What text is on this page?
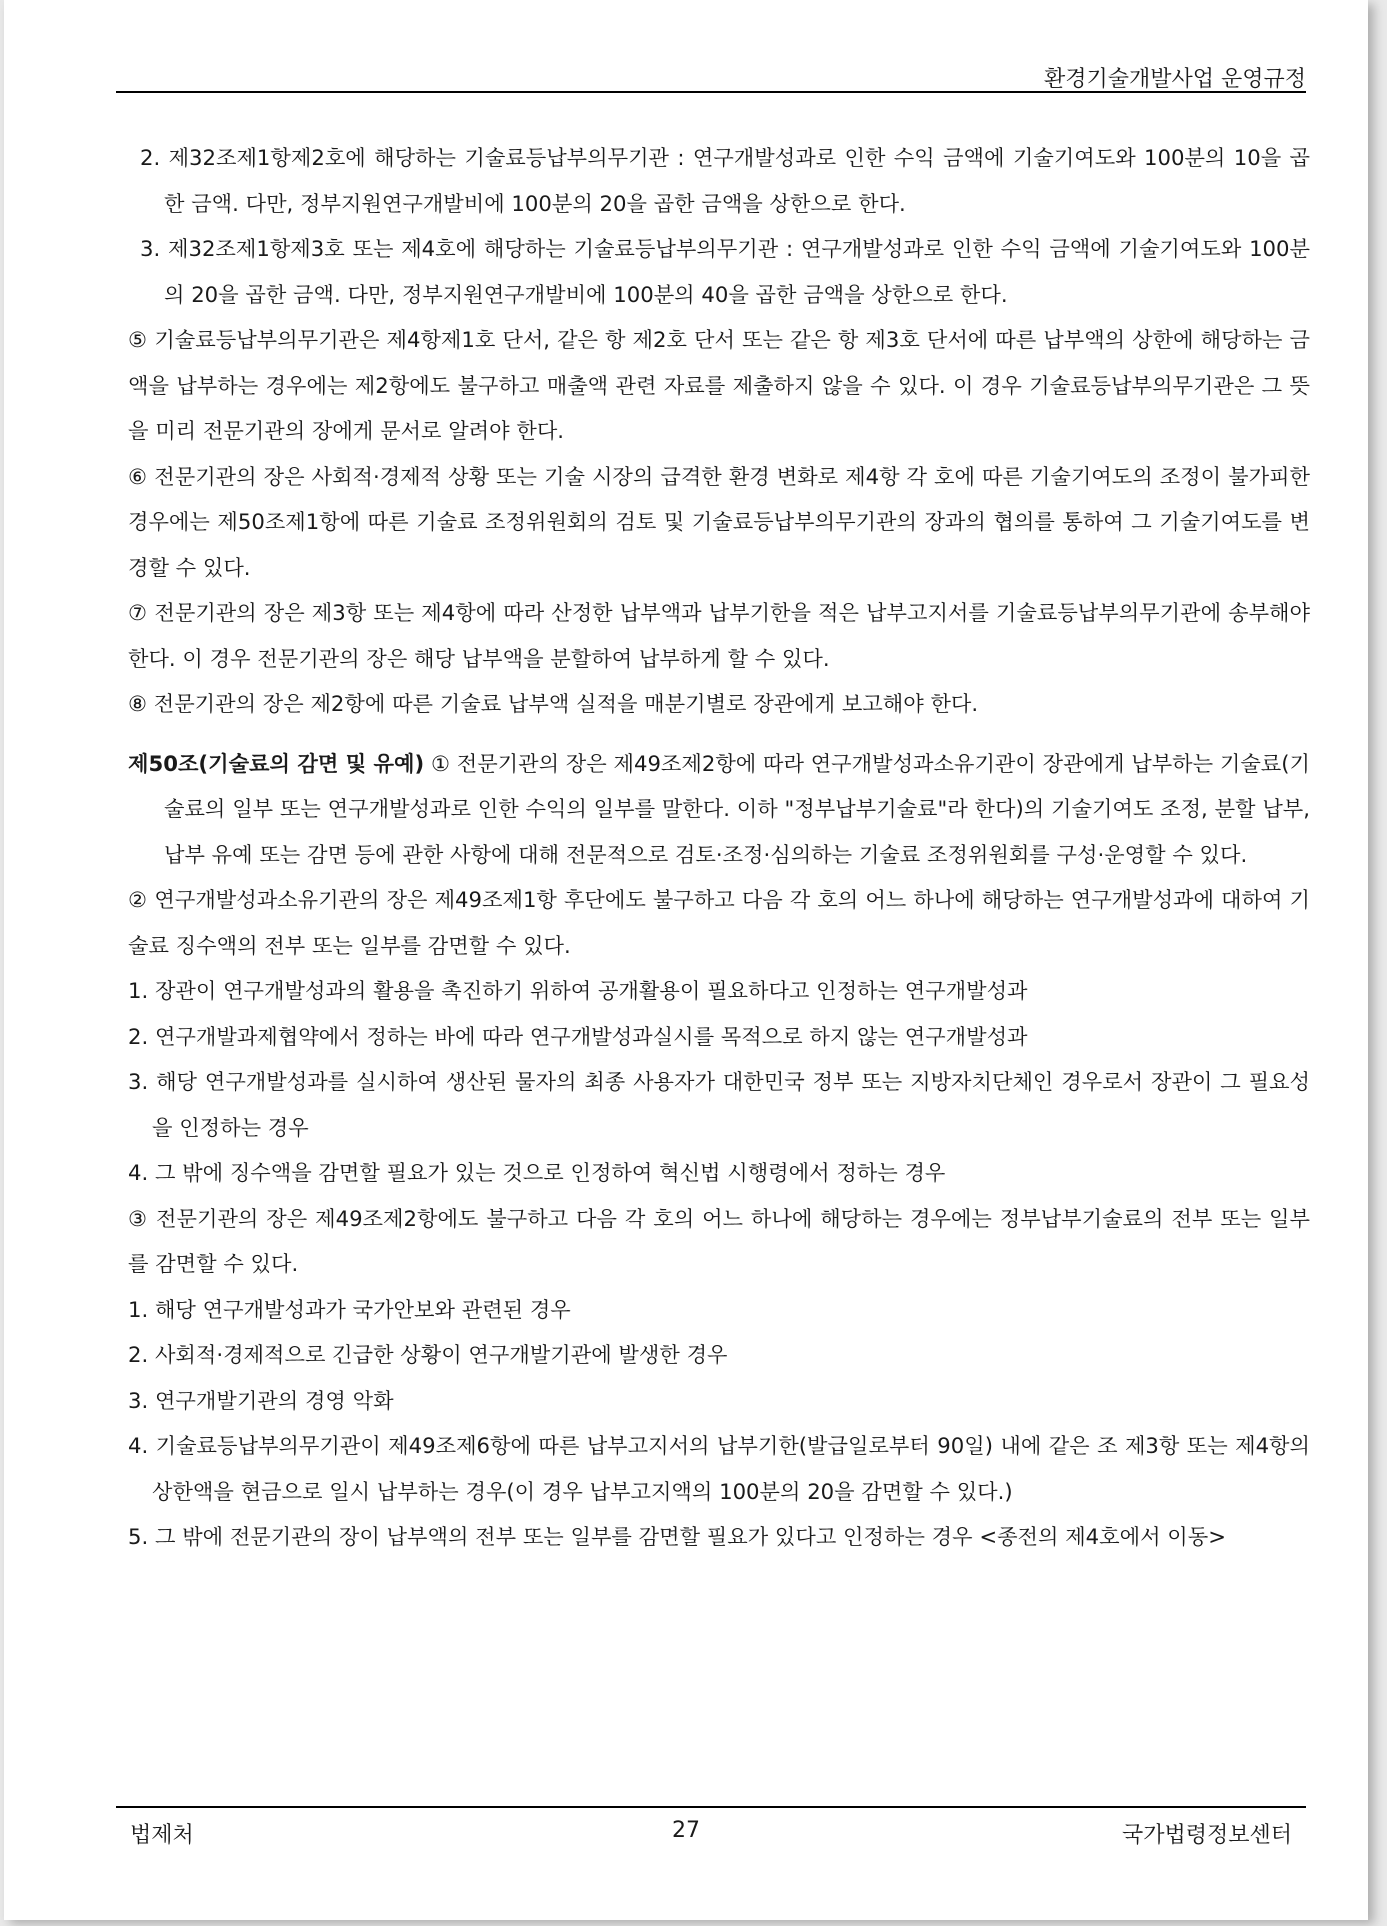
환경기술개발사업 운영규정

2. 제32조제1항제2호에 해당하는 기술료등납부의무기관 : 연구개발성과로 인한 수익 금액에 기술기여도와 100분의 10을 곱한 금액. 다만, 정부지원연구개발비에 100분의 20을 곱한 금액을 상한으로 한다.

3. 제32조제1항제3호 또는 제4호에 해당하는 기술료등납부의무기관 : 연구개발성과로 인한 수익 금액에 기술기여도와 100분의 20을 곱한 금액. 다만, 정부지원연구개발비에 100분의 40을 곱한 금액을 상한으로 한다.

⑤ 기술료등납부의무기관은 제4항제1호 단서, 같은 항 제2호 단서 또는 같은 항 제3호 단서에 따른 납부액의 상한에 해당하는 금액을 납부하는 경우에는 제2항에도 불구하고 매출액 관련 자료를 제출하지 않을 수 있다. 이 경우 기술료등납부의무기관은 그 뜻을 미리 전문기관의 장에게 문서로 알려야 한다.

⑥ 전문기관의 장은 사회적·경제적 상황 또는 기술 시장의 급격한 환경 변화로 제4항 각 호에 따른 기술기여도의 조정이 불가피한 경우에는 제50조제1항에 따른 기술료 조정위원회의 검토 및 기술료등납부의무기관의 장과의 협의를 통하여 그 기술기여도를 변경할 수 있다.

⑦ 전문기관의 장은 제3항 또는 제4항에 따라 산정한 납부액과 납부기한을 적은 납부고지서를 기술료등납부의무기관에 송부해야 한다. 이 경우 전문기관의 장은 해당 납부액을 분할하여 납부하게 할 수 있다.

⑧ 전문기관의 장은 제2항에 따른 기술료 납부액 실적을 매분기별로 장관에게 보고해야 한다.

제50조(기술료의 감면 및 유예) ① 전문기관의 장은 제49조제2항에 따라 연구개발성과소유기관이 장관에게 납부하는 기술료(기술료의 일부 또는 연구개발성과로 인한 수익의 일부를 말한다. 이하 "정부납부기술료"라 한다)의 기술기여도 조정, 분할 납부, 납부 유예 또는 감면 등에 관한 사항에 대해 전문적으로 검토·조정·심의하는 기술료 조정위원회를 구성·운영할 수 있다.

② 연구개발성과소유기관의 장은 제49조제1항 후단에도 불구하고 다음 각 호의 어느 하나에 해당하는 연구개발성과에 대하여 기술료 징수액의 전부 또는 일부를 감면할 수 있다.

1. 장관이 연구개발성과의 활용을 촉진하기 위하여 공개활용이 필요하다고 인정하는 연구개발성과

2. 연구개발과제협약에서 정하는 바에 따라 연구개발성과실시를 목적으로 하지 않는 연구개발성과

3. 해당 연구개발성과를 실시하여 생산된 물자의 최종 사용자가 대한민국 정부 또는 지방자치단체인 경우로서 장관이 그 필요성을 인정하는 경우

4. 그 밖에 징수액을 감면할 필요가 있는 것으로 인정하여 혁신법 시행령에서 정하는 경우

③ 전문기관의 장은 제49조제2항에도 불구하고 다음 각 호의 어느 하나에 해당하는 경우에는 정부납부기술료의 전부 또는 일부를 감면할 수 있다.

1. 해당 연구개발성과가 국가안보와 관련된 경우

2. 사회적·경제적으로 긴급한 상황이 연구개발기관에 발생한 경우

3. 연구개발기관의 경영 악화

4. 기술료등납부의무기관이 제49조제6항에 따른 납부고지서의 납부기한(발급일로부터 90일) 내에 같은 조 제3항 또는 제4항의 상한액을 현금으로 일시 납부하는 경우(이 경우 납부고지액의 100분의 20을 감면할 수 있다.)

5. 그 밖에 전문기관의 장이 납부액의 전부 또는 일부를 감면할 필요가 있다고 인정하는 경우 <종전의 제4호에서 이동>

법제처	27	국가법령정보센터
